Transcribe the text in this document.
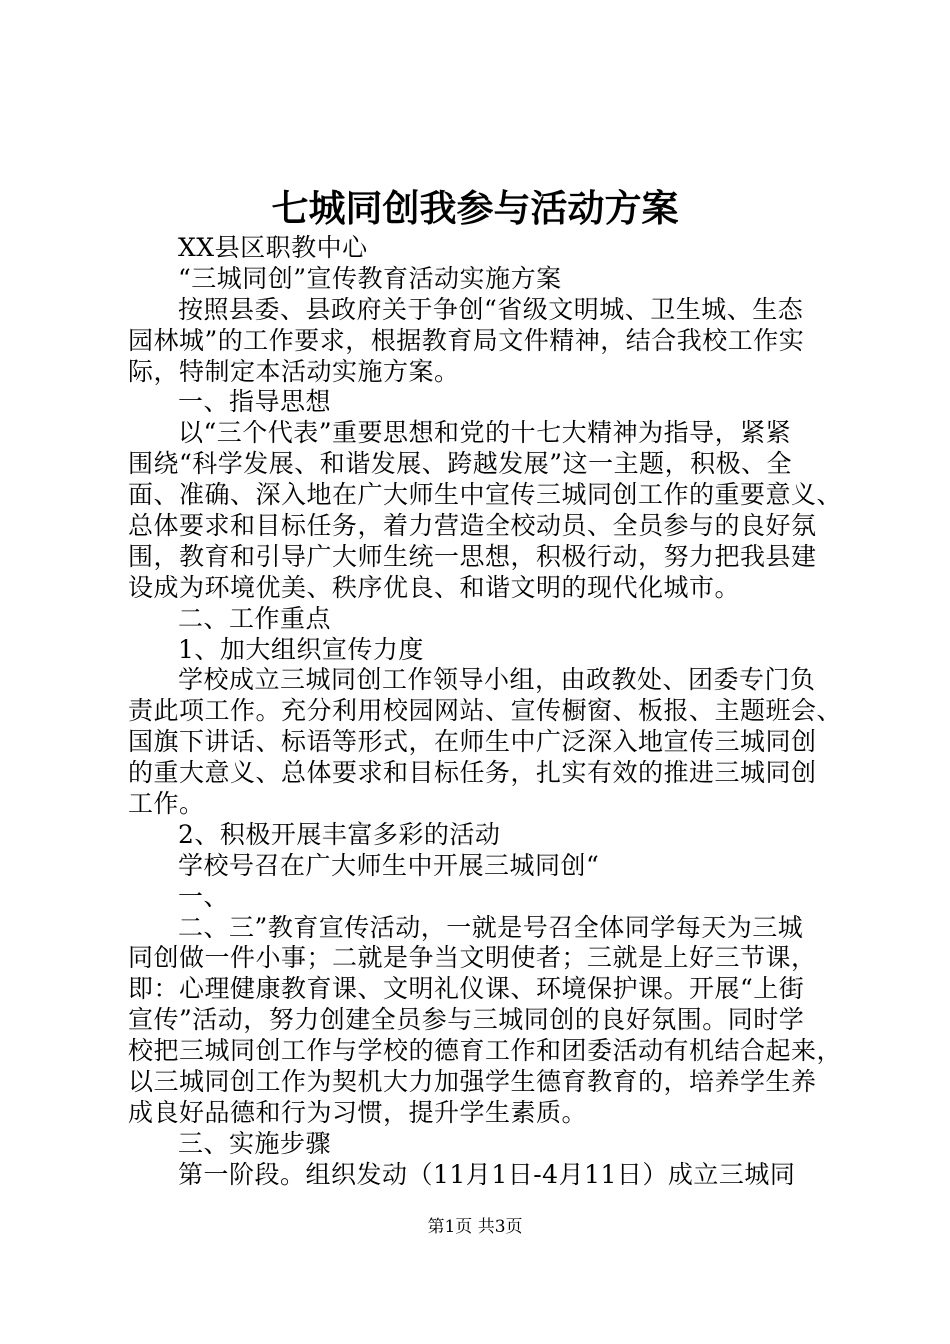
七城同创我参与活动方案
XX县区职教中心
“三城同创”宣传教育活动实施方案
按照县委、县政府关于争创“省级文明城、卫生城、生态
园林城”的工作要求，根据教育局文件精神，结合我校工作实
际，特制定本活动实施方案。
一、指导思想
以“三个代表”重要思想和党的十七大精神为指导，紧紧
围绕“科学发展、和谐发展、跨越发展”这一主题，积极、全
面、准确、深入地在广大师生中宣传三城同创工作的重要意义、
总体要求和目标任务，着力营造全校动员、全员参与的良好氛
围，教育和引导广大师生统一思想，积极行动，努力把我县建
设成为环境优美、秩序优良、和谐文明的现代化城市。
二、工作重点
1、加大组织宣传力度
学校成立三城同创工作领导小组，由政教处、团委专门负
责此项工作。充分利用校园网站、宣传橱窗、板报、主题班会、
国旗下讲话、标语等形式，在师生中广泛深入地宣传三城同创
的重大意义、总体要求和目标任务，扎实有效的推进三城同创
工作。
2、积极开展丰富多彩的活动
学校号召在广大师生中开展三城同创“
一、
二、三”教育宣传活动，一就是号召全体同学每天为三城
同创做一件小事；二就是争当文明使者；三就是上好三节课，
即：心理健康教育课、文明礼仪课、环境保护课。开展“上街
宣传”活动，努力创建全员参与三城同创的良好氛围。同时学
校把三城同创工作与学校的德育工作和团委活动有机结合起来，
以三城同创工作为契机大力加强学生德育教育的，培养学生养
成良好品德和行为习惯，提升学生素质。
三、实施步骤
第一阶段。组织发动（11月1日-4月11日）成立三城同
第1页 共3页
